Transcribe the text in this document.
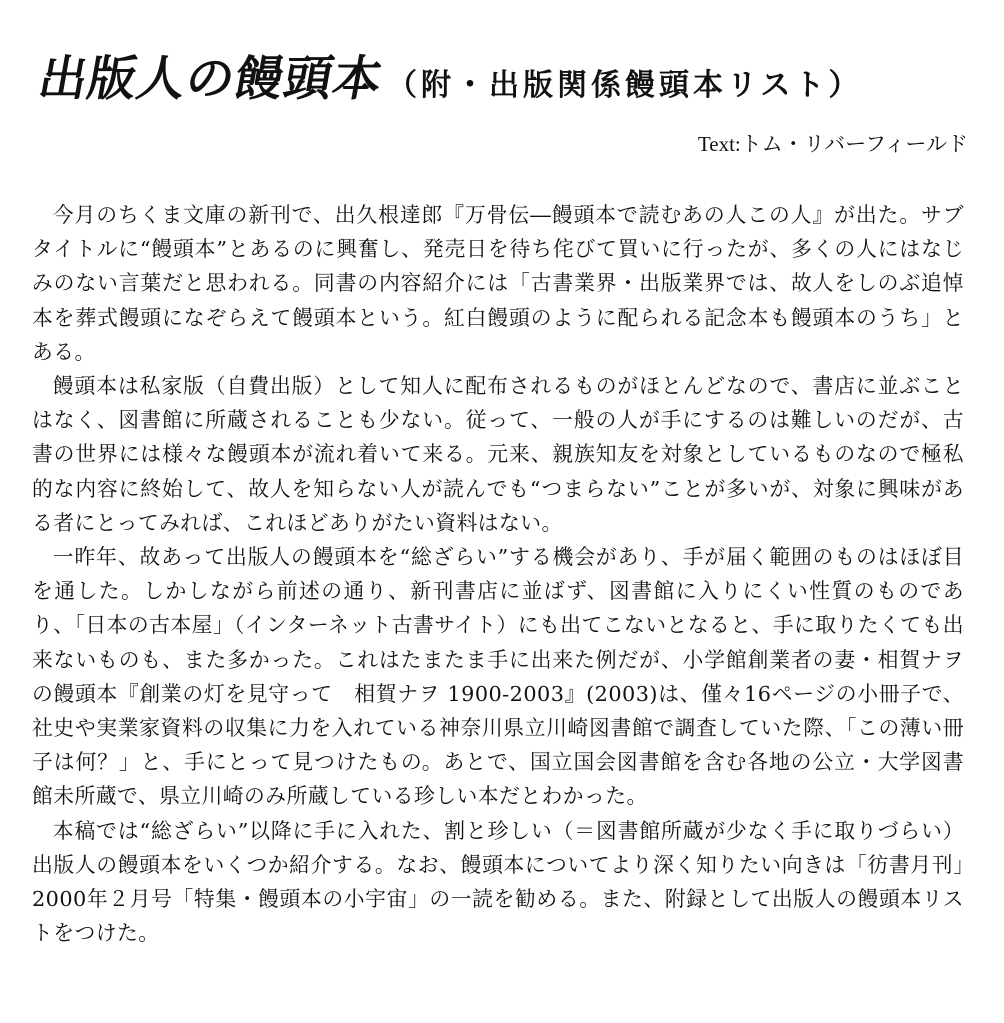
出版人の饅頭本（附・出版関係饅頭本リスト）
Text:トム・リバーフィールド

今月のちくま文庫の新刊で、出久根達郎『万骨伝―饅頭本で読むあの人この人』が出た。サブタイトルに“饅頭本”とあるのに興奮し、発売日を待ち侘びて買いに行ったが、多くの人にはなじみのない言葉だと思われる。同書の内容紹介には「古書業界・出版業界では、故人をしのぶ追悼本を葬式饅頭になぞらえて饅頭本という。紅白饅頭のように配られる記念本も饅頭本のうち」とある。

饅頭本は私家版（自費出版）として知人に配布されるものがほとんどなので、書店に並ぶことはなく、図書館に所蔵されることも少ない。従って、一般の人が手にするのは難しいのだが、古書の世界には様々な饅頭本が流れ着いて来る。元来、親族知友を対象としているものなので極私的な内容に終始して、故人を知らない人が読んでも“つまらない”ことが多いが、対象に興味がある者にとってみれば、これほどありがたい資料はない。

一昨年、故あって出版人の饅頭本を“総ざらい”する機会があり、手が届く範囲のものはほぼ目を通した。しかしながら前述の通り、新刊書店に並ばず、図書館に入りにくい性質のものであり、「日本の古本屋」（インターネット古書サイト）にも出てこないとなると、手に取りたくても出来ないものも、また多かった。これはたまたま手に出来た例だが、小学館創業者の妻・相賀ナヲの饅頭本『創業の灯を見守って　相賀ナヲ 1900-2003』(2003)は、僅々16ページの小冊子で、社史や実業家資料の収集に力を入れている神奈川県立川崎図書館で調査していた際、「この薄い冊子は何？」と、手にとって見つけたもの。あとで、国立国会図書館を含む各地の公立・大学図書館未所蔵で、県立川崎のみ所蔵している珍しい本だとわかった。

本稿では“総ざらい”以降に手に入れた、割と珍しい（＝図書館所蔵が少なく手に取りづらい）出版人の饅頭本をいくつか紹介する。なお、饅頭本についてより深く知りたい向きは「彷書月刊」2000年２月号「特集・饅頭本の小宇宙」の一読を勧める。また、附録として出版人の饅頭本リストをつけた。
